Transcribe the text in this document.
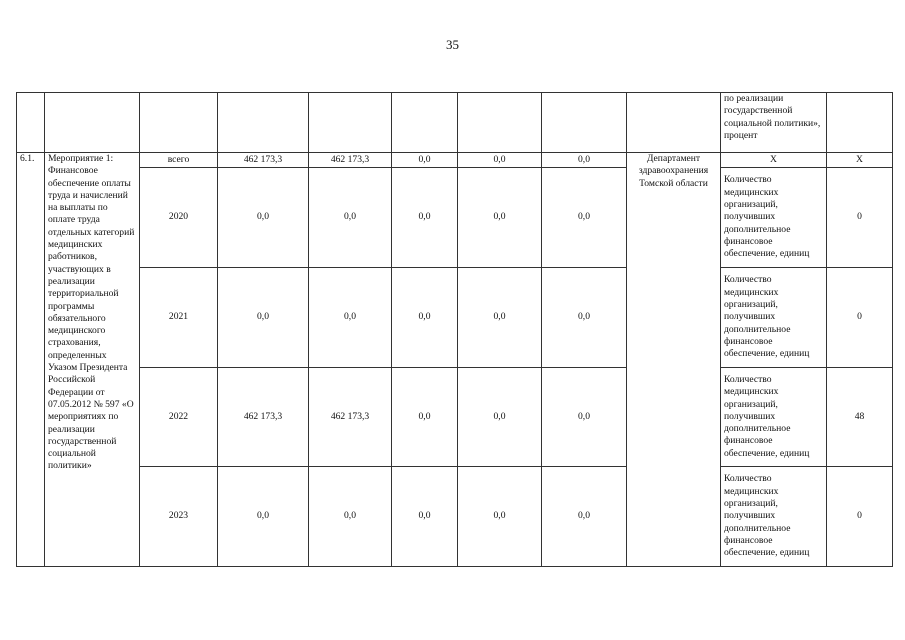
35
									по реализации государственной социальной политики», процент	
6.1.	Мероприятие 1: Финансовое обеспечение оплаты труда и начислений на выплаты по оплате труда отдельных категорий медицинских работников, участвующих в реализации территориальной программы обязательного медицинского страхования, определенных Указом Президента Российской Федерации от 07.05.2012 № 597 «О мероприятиях по реализации государственной социальной политики»	всего	462 173,3	462 173,3	0,0	0,0	0,0	Департамент здравоохранения Томской области	Х	Х
		2020	0,0	0,0	0,0	0,0	0,0		Количество медицинских организаций, получивших дополнительное финансовое обеспечение, единиц	0
		2021	0,0	0,0	0,0	0,0	0,0		Количество медицинских организаций, получивших дополнительное финансовое обеспечение, единиц	0
		2022	462 173,3	462 173,3	0,0	0,0	0,0		Количество медицинских организаций, получивших дополнительное финансовое обеспечение, единиц	48
		2023	0,0	0,0	0,0	0,0	0,0		Количество медицинских организаций, получивших дополнительное финансовое обеспечение, единиц	0
